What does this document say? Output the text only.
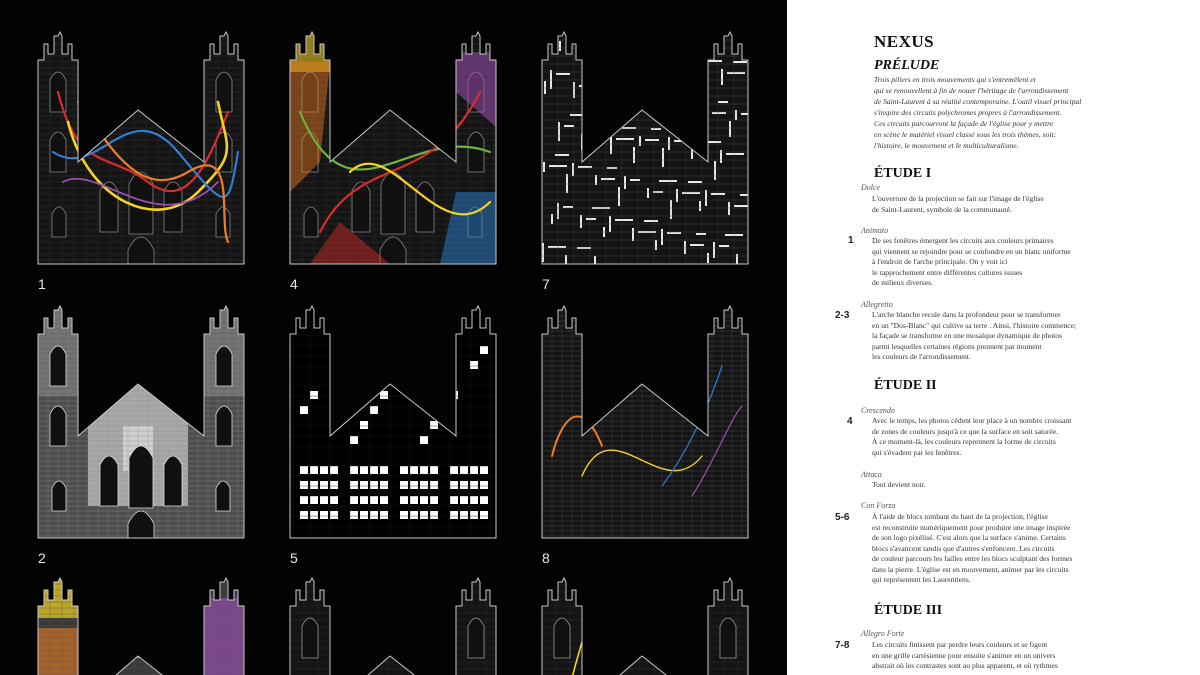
1	4	7
2	5	8
NEXUS
PRÉLUDE

Trois piliers en trois mouvements qui s'entremêlent et
qui se renouvellent à fin de nouer l'héritage de l'arrondissement
de Saint-Laurent à sa réalité contemporaine. L'outil visuel principal
s'inspire des circuits polychromes propres à l'arrondissement.
Ces circuits parcourront la façade de l'église pour y mettre
en scène le matériel visuel classé sous les trois thèmes, soit:
l'histoire, le mouvement et le multiculturalisme.

ÉTUDE I
Dolce
L'ouverture de la projection se fait sur l'image de l'église
de Saint-Laurent, symbole de la communauté.
Animato
1 De ses fenêtres émergent les circuits aux couleurs primaires
qui viennent se rejoindre pour se confondre en un blanc uniforme
à l'endroit de l'arche principale. On y voit ici
le rapprochement entre différentes cultures issues
de milieux diverses.
Allegretto
2-3	L'arche blanche recule dans la profondeur pour se transformer
en un "Dos-Blanc" qui cultive sa terre . Ainsi, l'histoire commence;
la façade se transforme en une mosaïque dynamique de photos
parmi lesquelles certaines régions prennent par moment
les couleurs de l'arrondissement.
ÉTUDE II
Crescendo
4	Avec le temps, les photos cèdent leur place à un nombre croissant
de zones de couleurs jusqu'à ce que la surface en soit saturée.
À ce moment-là, les couleurs reprennent la forme de circuits
qui s'évadent par les fenêtres.
Attaca
Tout devient noir.
Con Forza
5-6	À l'aide de blocs tombant du haut de la projection, l'église
est reconstruite numériquement pour produire une image inspirée
de son logo pixélisé. C'est alors que la surface s'anime. Certains
blocs s'avancent tandis que d'autres s'enfoncent. Les circuits
de couleur parcours les failles entre les blocs sculptant des formes
dans la pierre. L'église est en mouvement, animer par les circuits
qui représentent les Laurentiens.
ÉTUDE III
Allegro Forte
7-8	Les circuits finissent par perdre leurs couleurs et se figent
en une grille cartésienne pour ensuite s'animer en un univers
abstrait où les contrastes sont au plus apparent, et où rythmes
